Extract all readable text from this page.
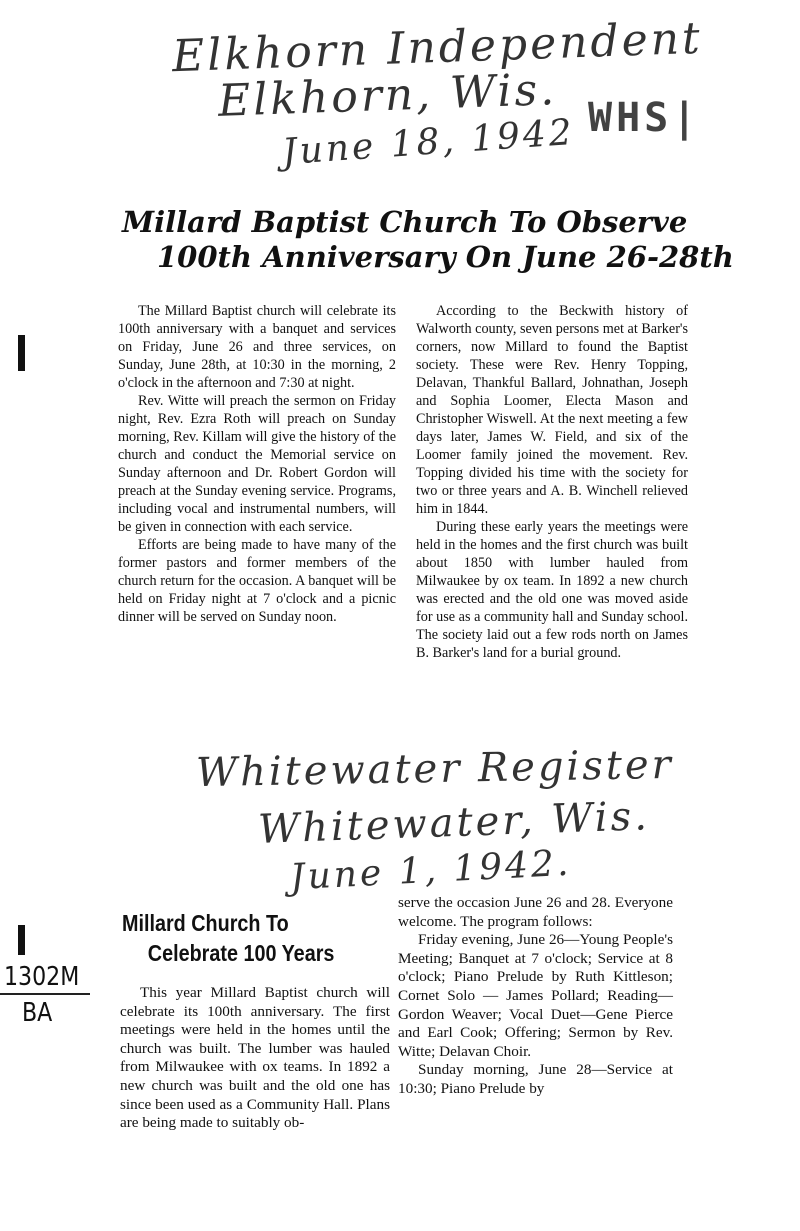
Elkhorn Independent
Elkhorn, Wis.
June 18, 1942 WHS|
Millard Baptist Church To Observe
100th Anniversary On June 26-28th

The Millard Baptist church will celebrate its 100th anniversary with a banquet and services on Friday, June 26 and three services, on Sunday, June 28th, at 10:30 in the morning, 2 o'clock in the afternoon and 7:30 at night.

Rev. Witte will preach the sermon on Friday night, Rev. Ezra Roth will preach on Sunday morning, Rev. Killam will give the history of the church and conduct the Memorial service on Sunday afternoon and Dr. Robert Gordon will preach at the Sunday evening service. Programs, including vocal and instrumental numbers, will be given in connection with each service.

Efforts are being made to have many of the former pastors and former members of the church return for the occasion. A banquet will be held on Friday night at 7 o'clock and a picnic dinner will be served on Sunday noon.

According to the Beckwith history of Walworth county, seven persons met at Barker's corners, now Millard to found the Baptist society. These were Rev. Henry Topping, Delavan, Thankful Ballard, Johnathan, Joseph and Sophia Loomer, Electa Mason and Christopher Wiswell. At the next meeting a few days later, James W. Field, and six of the Loomer family joined the movement. Rev. Topping divided his time with the society for two or three years and A. B. Winchell relieved him in 1844.

During these early years the meetings were held in the homes and the first church was built about 1850 with lumber hauled from Milwaukee by ox team. In 1892 a new church was erected and the old one was moved aside for use as a community hall and Sunday school. The society laid out a few rods north on James B. Barker's land for a burial ground.

Whitewater Register
Whitewater, Wis.
June 1, 1942.
1302M
BA
Millard Church To
Celebrate 100 Years

This year Millard Baptist church will celebrate its 100th anniversary. The first meetings were held in the homes until the church was built. The lumber was hauled from Milwaukee with ox teams. In 1892 a new church was built and the old one has since been used as a Community Hall. Plans are being made to suitably ob-

serve the occasion June 26 and 28. Everyone welcome. The program follows:

Friday evening, June 26—Young People's Meeting; Banquet at 7 o'clock; Service at 8 o'clock; Piano Prelude by Ruth Kittleson; Cornet Solo — James Pollard; Reading—Gordon Weaver; Vocal Duet—Gene Pierce and Earl Cook; Offering; Sermon by Rev. Witte; Delavan Choir.

Sunday morning, June 28—Service at 10:30; Piano Prelude by
